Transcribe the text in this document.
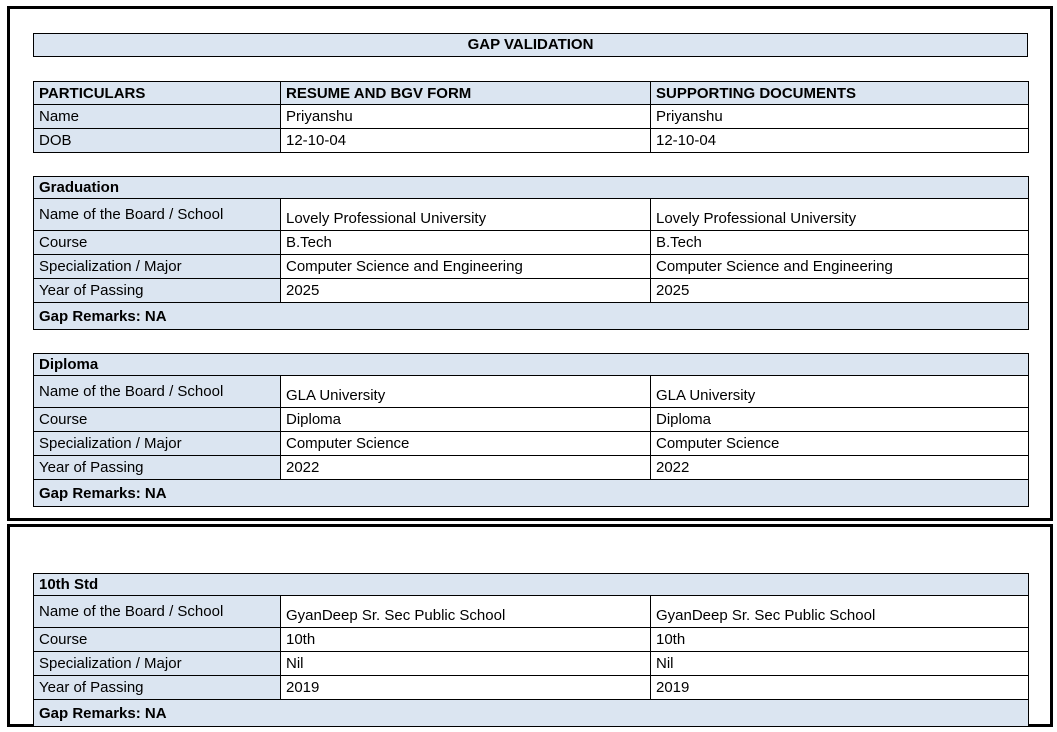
GAP VALIDATION
PARTICULARS	RESUME AND BGV FORM	SUPPORTING DOCUMENTS
Name	Priyanshu	Priyanshu
DOB	12-10-04	12-10-04
Graduation		
Name of the Board / School	Lovely Professional University	Lovely Professional University
Course	B.Tech	B.Tech
Specialization / Major	Computer Science and Engineering	Computer Science and Engineering
Year of Passing	2025	2025
Gap Remarks: NA		
Diploma		
Name of the Board / School	GLA University	GLA University
Course	Diploma	Diploma
Specialization / Major	Computer Science	Computer Science
Year of Passing	2022	2022
Gap Remarks: NA		
10th Std		
Name of the Board / School	GyanDeep Sr. Sec Public School	GyanDeep Sr. Sec Public School
Course	10th	10th
Specialization / Major	Nil	Nil
Year of Passing	2019	2019
Gap Remarks: NA		
